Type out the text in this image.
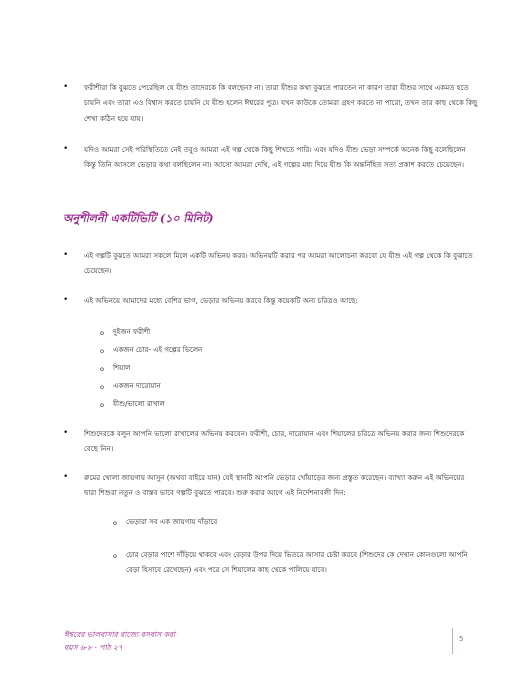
• ফরীশীরা কি বুঝতে পেরেছিল যে যীশু তাদেরকে কি বলছেন? না। তারা যীশুর কথা বুঝতে পারতেন না কারণ তারা যীশুর সাথে একমত হতে চায়নি এবং তারা এও বিশ্বাস করতে চায়নি যে যীশু হলেন ঈশ্বরের পুত্র। যখন কাউকে তোমরা গ্রহণ করতে না পারো, তখন তার কাছ থেকে কিছু শেখা কঠিন হয়ে যায়।

• যদিও আমরা সেই পরিস্থিতিতে নেই তবুও আমরা এই গল্প থেকে কিছু শিখতে পারি। এবং যদিও যীশু ভেড়া সম্পর্কে অনেক কিছু বলেছিলেন কিন্তু তিনি আসলে ভেড়ার কথা বলছিলেন না। আসো আমরা দেখি, এই গল্পের মধ্য দিয়ে যীশু কি অন্তর্নিহিত সত্য প্রকাশ করতে চেয়েছেন।

অনুশীলনী একটিভিটি (১০ মিনিট)
• এই গল্পটি বুঝতে আমরা সকলে মিলে একটি অভিনয় করব। অভিনয়টি করার পর আমরা আলোচনা করবো যে যীশু এই গল্প থেকে কি বুঝাতে চেয়েছেন।

• এই অভিনয়ে আমাদের মধ্যে বেশির ভাগ, ভেড়ার অভিনয় করবে কিন্তু কয়েকটি অন্য চরিত্রও আছে:

o দুইজন ফরীশী
o একজন চোর- এই গল্পের ভিলেন
o শিয়াল
o একজন দারোয়ান
o যীশু/ভালো রাখাল
• শিশুদেরকে বলুন আপনি ভালো রাখালের অভিনয় করবেন। ফরীশী, চোর, দারোয়ান এবং শিয়ালের চরিত্রে অভিনয় করার জন্য শিশুদেরকে বেছে নিন।

• রুমের খোলা জায়গায় আসুন (অথবা বাইরে যান) যেই স্থানটি আপনি ভেড়ার খোঁয়াড়ের জন্য প্রস্তুত করেছেন। ব্যাখ্যা করুন এই অভিনয়ের দ্বারা শিশুরা নতুন ও বাস্তব ভাবে গল্পটি বুঝতে পারবে। শুরু করার আগে এই নির্দেশনাবলী দিন:

o ভেড়ারা সব এক জায়গায় দাঁড়াবে

o চোর বেড়ার পাশে দাঁড়িয়ে থাকবে এবং বেড়ার উপর দিয়ে ভিতরে আসার চেষ্টা করবে (শিশুদের কে দেখান কোনগুলো আপনি বেড়া হিসাবে রেখেছেন) এবং পরে সে শিয়ালের কাছ থেকে পালিয়ে যাবে।

ঈশ্বরের ভালবাসার রাজ্যে বসবাস করা
বয়স ৬-৮ · পাঠ ২৭
5
